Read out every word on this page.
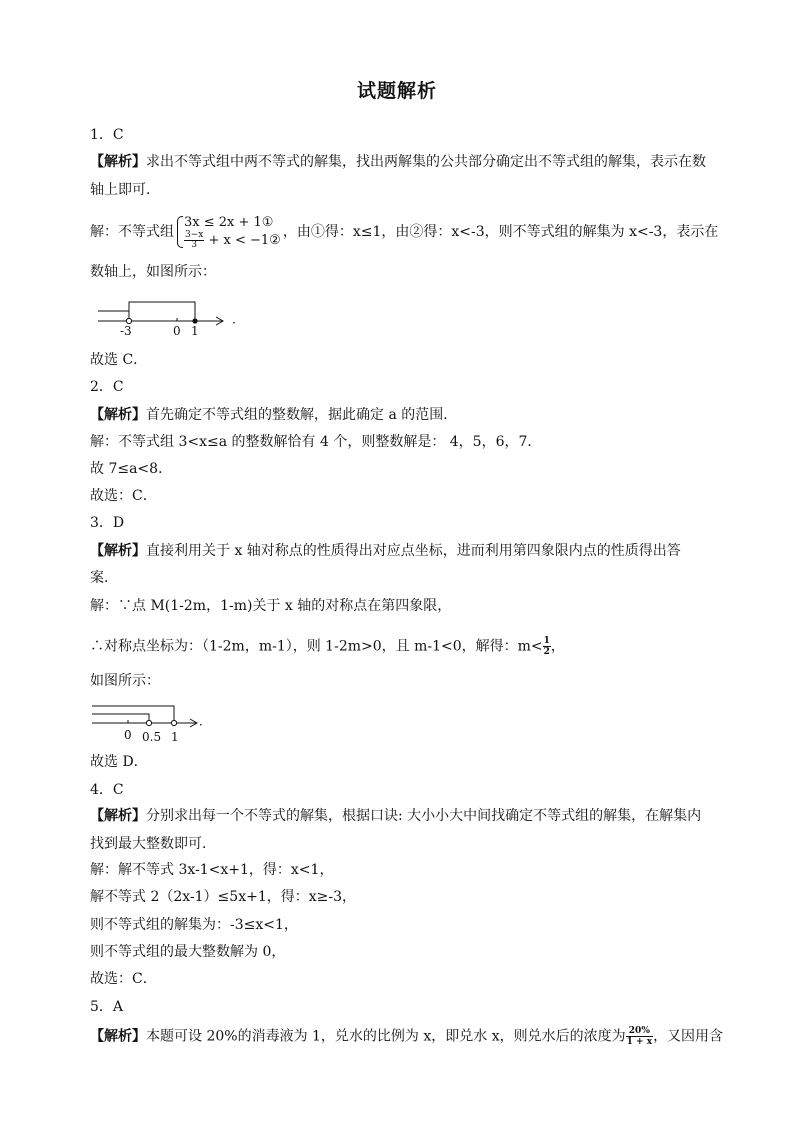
试题解析
1．C
【解析】求出不等式组中两不等式的解集，找出两解集的公共部分确定出不等式组的解集，表示在数
轴上即可．
解：不等式组
3x ≤ 2x + 1①
$\frac{3-x}{3} + x$ < −1②
，由①得：x≤1，由②得：x<-3，则不等式组的解集为 x<-3，表示在
数轴上，如图所示：
-3	0 1
．
故选 C．
2．C
【解析】首先确定不等式组的整数解，据此确定 a 的范围．
解：不等式组 3<x≤a 的整数解恰有 4 个，则整数解是： 4，5，6，7．
故 7≤a<8．
故选：C．
3．D
【解析】直接利用关于 x 轴对称点的性质得出对应点坐标，进而利用第四象限内点的性质得出答
案．
解：∵点 M(1-2m，1-m)关于 x 轴的对称点在第四象限，
∴对称点坐标为：（1-2m，m-1），则 1-2m>0，且 m-1<0，解得：$m< \frac{1}{2}$ ，
如图所示：
0 0.5 1
．
故选 D．
4．C
【解析】分别求出每一个不等式的解集，根据口诀: 大小小大中间找确定不等式组的解集，在解集内
找到最大整数即可．
解：解不等式 3x-1<x+1，得：x<1，
解不等式 2（2x-1）≤5x+1，得：x≥-3，
则不等式组的解集为：-3≤x<1，
则不等式组的最大整数解为 0，
故选：C．
5．A
【解析】本题可设 20%的消毒液为 1，兑水的比例为 x，即兑水 x，则兑水后的浓度为 $\frac{20\%}{1 + x}$ ，又因用含
